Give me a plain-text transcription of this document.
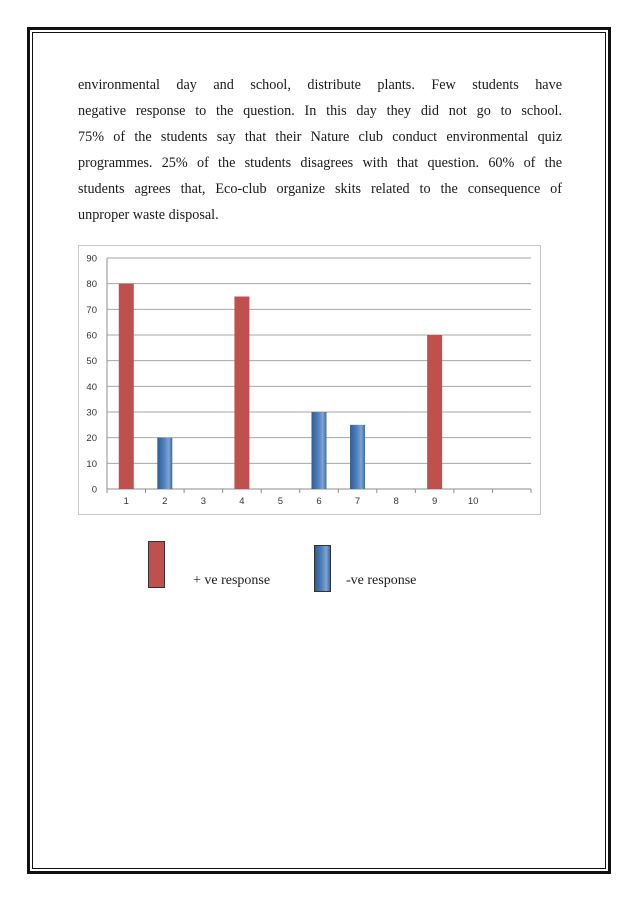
environmental day and school, distribute plants. Few students have
negative response to the question. In this day they did not go to school.
75% of the students say that their Nature club conduct environmental quiz
programmes. 25% of the students disagrees with that question. 60% of the
students agrees that, Eco-club organize skits related to the consequence of
unproper waste disposal.
0
10
20
30
40
50
60
70
80
90
1	2	3	4	5	6	7	8	9	10
+ ve response	-ve response
